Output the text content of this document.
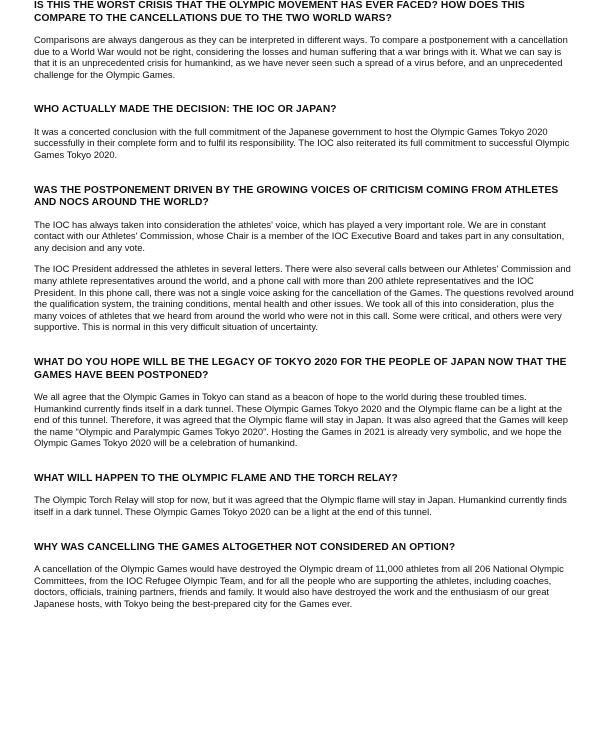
IS THIS THE WORST CRISIS THAT THE OLYMPIC MOVEMENT HAS EVER FACED? HOW DOES THIS COMPARE TO THE CANCELLATIONS DUE TO THE TWO WORLD WARS?
Comparisons are always dangerous as they can be interpreted in different ways. To compare a postponement with a cancellation due to a World War would not be right, considering the losses and human suffering that a war brings with it. What we can say is that it is an unprecedented crisis for humankind, as we have never seen such a spread of a virus before, and an unprecedented challenge for the Olympic Games.
WHO ACTUALLY MADE THE DECISION: THE IOC OR JAPAN?
It was a concerted conclusion with the full commitment of the Japanese government to host the Olympic Games Tokyo 2020 successfully in their complete form and to fulfil its responsibility. The IOC also reiterated its full commitment to successful Olympic Games Tokyo 2020.
WAS THE POSTPONEMENT DRIVEN BY THE GROWING VOICES OF CRITICISM COMING FROM ATHLETES AND NOCS AROUND THE WORLD?
The IOC has always taken into consideration the athletes' voice, which has played a very important role. We are in constant contact with our Athletes' Commission, whose Chair is a member of the IOC Executive Board and takes part in any consultation, any decision and any vote.
The IOC President addressed the athletes in several letters. There were also several calls between our Athletes' Commission and many athlete representatives around the world, and a phone call with more than 200 athlete representatives and the IOC President. In this phone call, there was not a single voice asking for the cancellation of the Games. The questions revolved around the qualification system, the training conditions, mental health and other issues. We took all of this into consideration, plus the many voices of athletes that we heard from around the world who were not in this call. Some were critical, and others were very supportive. This is normal in this very difficult situation of uncertainty.
WHAT DO YOU HOPE WILL BE THE LEGACY OF TOKYO 2020 FOR THE PEOPLE OF JAPAN NOW THAT THE GAMES HAVE BEEN POSTPONED?
We all agree that the Olympic Games in Tokyo can stand as a beacon of hope to the world during these troubled times. Humankind currently finds itself in a dark tunnel. These Olympic Games Tokyo 2020 and the Olympic flame can be a light at the end of this tunnel. Therefore, it was agreed that the Olympic flame will stay in Japan. It was also agreed that the Games will keep the name “Olympic and Paralympic Games Tokyo 2020”. Hosting the Games in 2021 is already very symbolic, and we hope the Olympic Games Tokyo 2020 will be a celebration of humankind.
WHAT WILL HAPPEN TO THE OLYMPIC FLAME AND THE TORCH RELAY?
The Olympic Torch Relay will stop for now, but it was agreed that the Olympic flame will stay in Japan. Humankind currently finds itself in a dark tunnel. These Olympic Games Tokyo 2020 can be a light at the end of this tunnel.
WHY WAS CANCELLING THE GAMES ALTOGETHER NOT CONSIDERED AN OPTION?
A cancellation of the Olympic Games would have destroyed the Olympic dream of 11,000 athletes from all 206 National Olympic Committees, from the IOC Refugee Olympic Team, and for all the people who are supporting the athletes, including coaches, doctors, officials, training partners, friends and family. It would also have destroyed the work and the enthusiasm of our great Japanese hosts, with Tokyo being the best-prepared city for the Games ever.
